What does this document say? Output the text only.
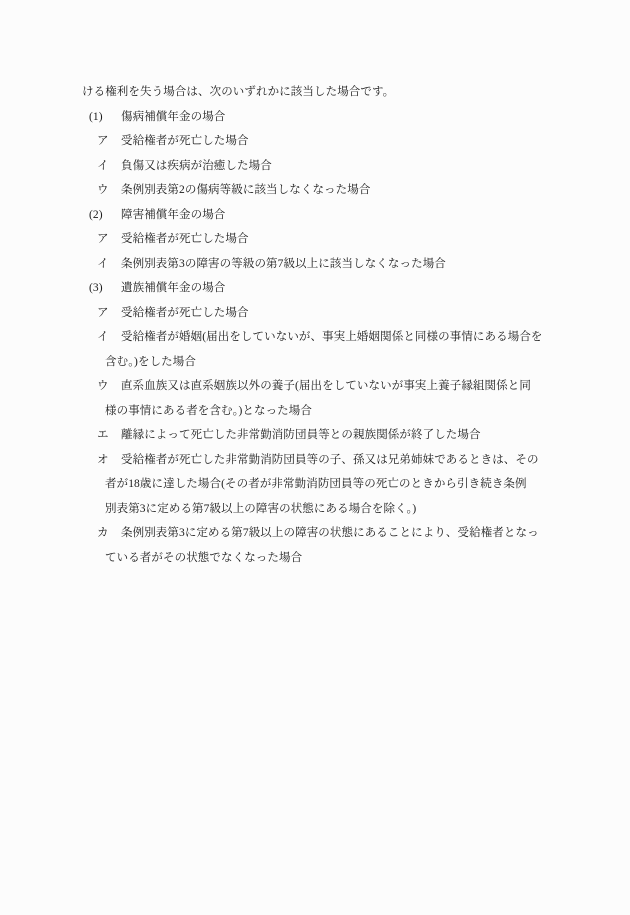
ける権利を失う場合は、次のいずれかに該当した場合です。
(1) 傷病補償年金の場合
ア 受給権者が死亡した場合
イ 負傷又は疾病が治癒した場合
ウ 条例別表第2の傷病等級に該当しなくなった場合
(2) 障害補償年金の場合
ア 受給権者が死亡した場合
イ 条例別表第3の障害の等級の第7級以上に該当しなくなった場合
(3) 遺族補償年金の場合
ア 受給権者が死亡した場合
イ 受給権者が婚姻(届出をしていないが、事実上婚姻関係と同様の事情にある場合を
含む。)をした場合
ウ 直系血族又は直系姻族以外の養子(届出をしていないが事実上養子縁組関係と同
様の事情にある者を含む。)となった場合
エ 離縁によって死亡した非常勤消防団員等との親族関係が終了した場合
オ 受給権者が死亡した非常勤消防団員等の子、孫又は兄弟姉妹であるときは、その
者が18歳に達した場合(その者が非常勤消防団員等の死亡のときから引き続き条例
別表第3に定める第7級以上の障害の状態にある場合を除く。)
カ 条例別表第3に定める第7級以上の障害の状態にあることにより、受給権者となっ
ている者がその状態でなくなった場合
